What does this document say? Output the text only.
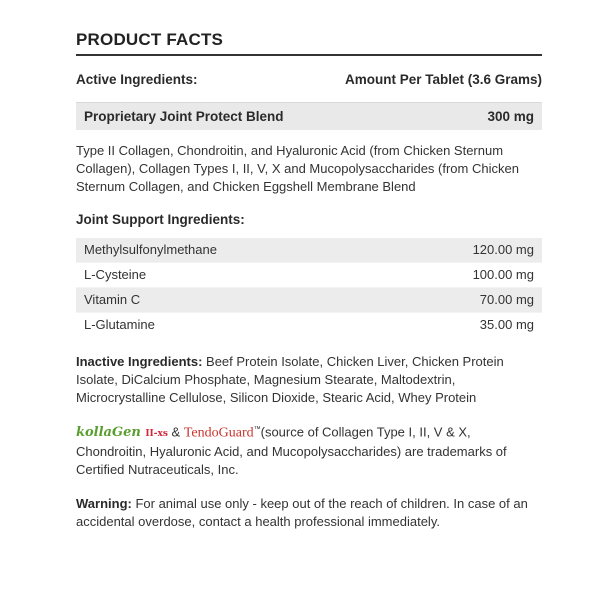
PRODUCT FACTS
Active Ingredients:	Amount Per Tablet (3.6 Grams)
Proprietary Joint Protect Blend	300 mg
Type II Collagen, Chondroitin, and Hyaluronic Acid (from Chicken Sternum Collagen), Collagen Types I, II, V, X and Mucopolysaccharides (from Chicken Sternum Collagen, and Chicken Eggshell Membrane Blend
Joint Support Ingredients:
Methylsulfonylmethane	120.00 mg
L-Cysteine	100.00 mg
Vitamin C	70.00 mg
L-Glutamine	35.00 mg
Inactive Ingredients: Beef Protein Isolate, Chicken Liver, Chicken Protein Isolate, DiCalcium Phosphate, Magnesium Stearate, Maltodextrin, Microcrystalline Cellulose, Silicon Dioxide, Stearic Acid, Whey Protein
kollaGen II-xs & TendoGuard™(source of Collagen Type I, II, V & X, Chondroitin, Hyaluronic Acid, and Mucopolysaccharides) are trademarks of Certified Nutraceuticals, Inc.
Warning: For animal use only - keep out of the reach of children. In case of an accidental overdose, contact a health professional immediately.
